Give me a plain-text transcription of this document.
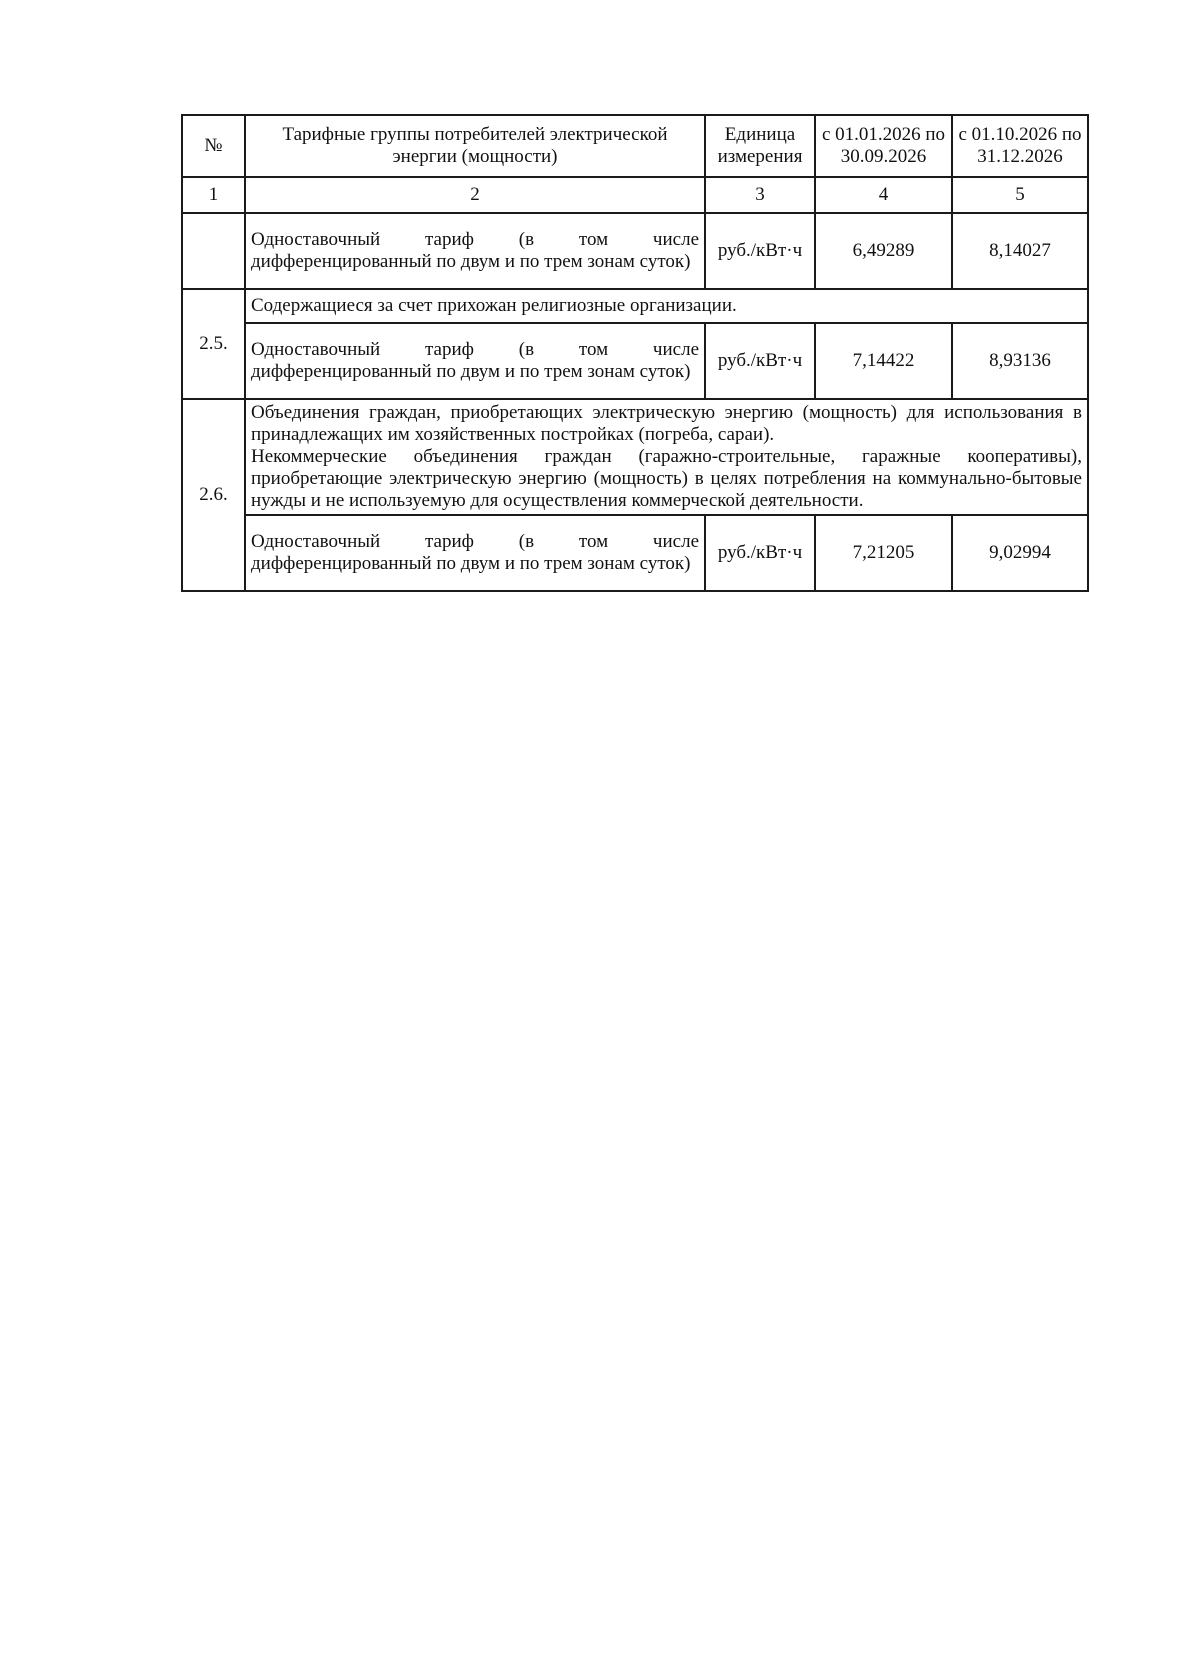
№	Тарифные группы потребителей электрической энергии (мощности)	Единица измерения	с 01.01.2026 по 30.09.2026	с 01.10.2026 по 31.12.2026
1	2	3	4	5
	Одноставочный тариф (в том числе дифференцированный по двум и по трем зонам суток)	руб./кВт·ч	6,49289	8,14027
2.5.	Содержащиеся за счет прихожан религиозные организации.			
	Одноставочный тариф (в том числе дифференцированный по двум и по трем зонам суток)	руб./кВт·ч	7,14422	8,93136
2.6.	Объединения граждан, приобретающих электрическую энергию (мощность) для использования в принадлежащих им хозяйственных постройках (погреба, сараи).
Некоммерческие объединения граждан (гаражно-строительные, гаражные кооперативы), приобретающие электрическую энергию (мощность) в целях потребления на коммунально-бытовые нужды и не используемую для осуществления коммерческой деятельности.			

	Одноставочный тариф (в том числе дифференцированный по двум и по трем зонам суток)	руб./кВт·ч	7,21205	9,02994
